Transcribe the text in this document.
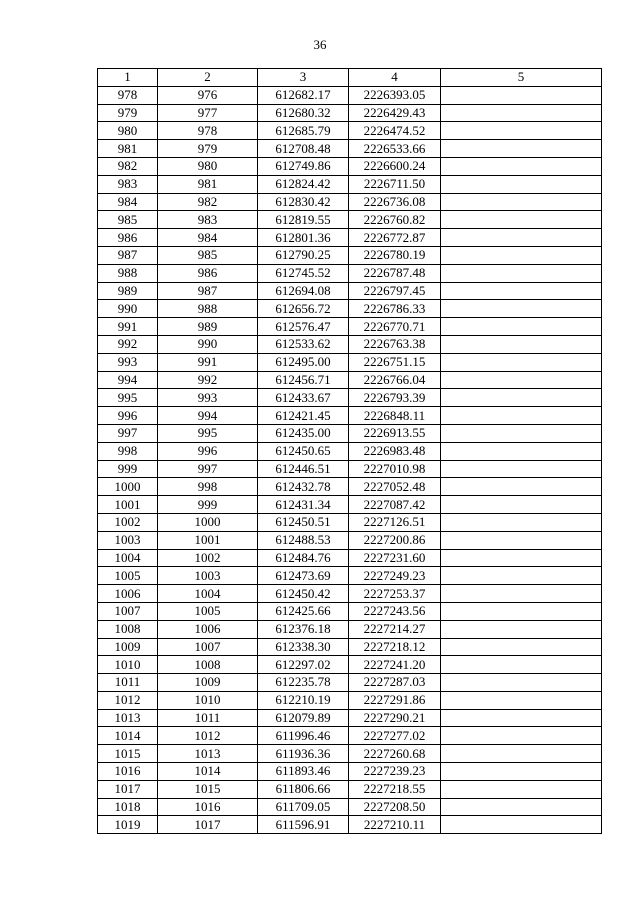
36
1	2	3	4	5
978	976	612682.17	2226393.05	
979	977	612680.32	2226429.43	
980	978	612685.79	2226474.52	
981	979	612708.48	2226533.66	
982	980	612749.86	2226600.24	
983	981	612824.42	2226711.50	
984	982	612830.42	2226736.08	
985	983	612819.55	2226760.82	
986	984	612801.36	2226772.87	
987	985	612790.25	2226780.19	
988	986	612745.52	2226787.48	
989	987	612694.08	2226797.45	
990	988	612656.72	2226786.33	
991	989	612576.47	2226770.71	
992	990	612533.62	2226763.38	
993	991	612495.00	2226751.15	
994	992	612456.71	2226766.04	
995	993	612433.67	2226793.39	
996	994	612421.45	2226848.11	
997	995	612435.00	2226913.55	
998	996	612450.65	2226983.48	
999	997	612446.51	2227010.98	
1000	998	612432.78	2227052.48	
1001	999	612431.34	2227087.42	
1002	1000	612450.51	2227126.51	
1003	1001	612488.53	2227200.86	
1004	1002	612484.76	2227231.60	
1005	1003	612473.69	2227249.23	
1006	1004	612450.42	2227253.37	
1007	1005	612425.66	2227243.56	
1008	1006	612376.18	2227214.27	
1009	1007	612338.30	2227218.12	
1010	1008	612297.02	2227241.20	
1011	1009	612235.78	2227287.03	
1012	1010	612210.19	2227291.86	
1013	1011	612079.89	2227290.21	
1014	1012	611996.46	2227277.02	
1015	1013	611936.36	2227260.68	
1016	1014	611893.46	2227239.23	
1017	1015	611806.66	2227218.55	
1018	1016	611709.05	2227208.50	
1019	1017	611596.91	2227210.11	
